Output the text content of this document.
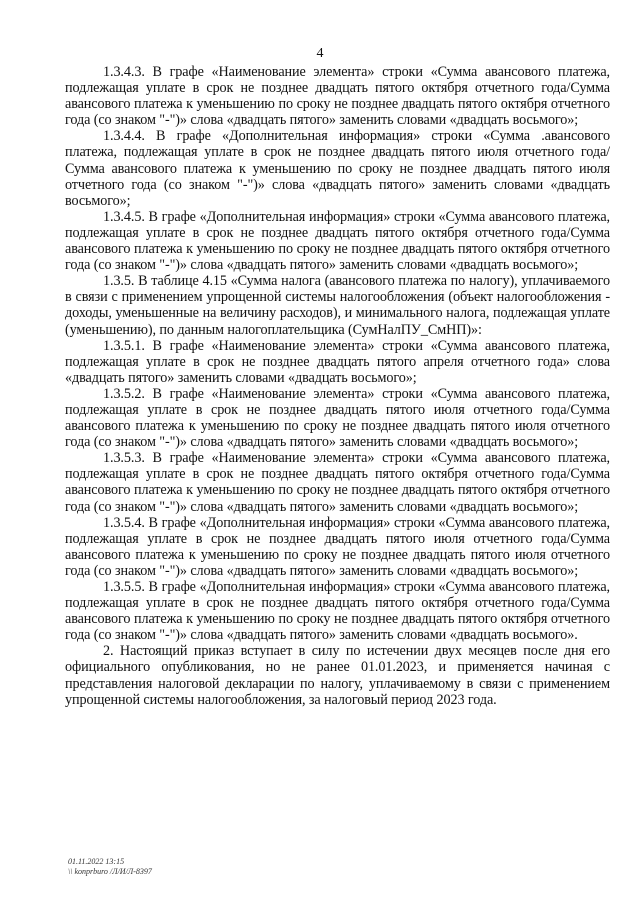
4

1.3.4.3. В графе «Наименование элемента» строки «Сумма авансового платежа, подлежащая уплате в срок не позднее двадцать пятого октября отчетного года/Сумма авансового платежа к уменьшению по сроку не позднее двадцать пятого октября отчетного года (со знаком "-")» слова «двадцать пятого» заменить словами «двадцать восьмого»;

1.3.4.4. В графе «Дополнительная информация» строки «Сумма .авансового платежа, подлежащая уплате в срок не позднее двадцать пятого июля отчетного года/Сумма авансового платежа к уменьшению по сроку не позднее двадцать пятого июля отчетного года (со знаком "-")» слова «двадцать пятого» заменить словами «двадцать восьмого»;

1.3.4.5. В графе «Дополнительная информация» строки «Сумма авансового платежа, подлежащая уплате в срок не позднее двадцать пятого октября отчетного года/Сумма авансового платежа к уменьшению по сроку не позднее двадцать пятого октября отчетного года (со знаком "-")» слова «двадцать пятого» заменить словами «двадцать восьмого»;

1.3.5. В таблице 4.15 «Сумма налога (авансового платежа по налогу), уплачиваемого в связи с применением упрощенной системы налогообложения (объект налогообложения - доходы, уменьшенные на величину расходов), и минимального налога, подлежащая уплате (уменьшению), по данным налогоплательщика (СумНалПУ_СмНП)»:

1.3.5.1. В графе «Наименование элемента» строки «Сумма авансового платежа, подлежащая уплате в срок не позднее двадцать пятого апреля отчетного года» слова «двадцать пятого» заменить словами «двадцать восьмого»;

1.3.5.2. В графе «Наименование элемента» строки «Сумма авансового платежа, подлежащая уплате в срок не позднее двадцать пятого июля отчетного года/Сумма авансового платежа к уменьшению по сроку не позднее двадцать пятого июля отчетного года (со знаком "-")» слова «двадцать пятого» заменить словами «двадцать восьмого»;

1.3.5.3. В графе «Наименование элемента» строки «Сумма авансового платежа, подлежащая уплате в срок не позднее двадцать пятого октября отчетного года/Сумма авансового платежа к уменьшению по сроку не позднее двадцать пятого октября отчетного года (со знаком "-")» слова «двадцать пятого» заменить словами «двадцать восьмого»;

1.3.5.4. В графе «Дополнительная информация» строки «Сумма авансового платежа, подлежащая уплате в срок не позднее двадцать пятого июля отчетного года/Сумма авансового платежа к уменьшению по сроку не позднее двадцать пятого июля отчетного года (со знаком "-")» слова «двадцать пятого» заменить словами «двадцать восьмого»;

1.3.5.5. В графе «Дополнительная информация» строки «Сумма авансового платежа, подлежащая уплате в срок не позднее двадцать пятого октября отчетного года/Сумма авансового платежа к уменьшению по сроку не позднее двадцать пятого октября отчетного года (со знаком "-")» слова «двадцать пятого» заменить словами «двадцать восьмого».

2. Настоящий приказ вступает в силу по истечении двух месяцев после дня его официального опубликования, но не ранее 01.01.2023, и применяется начиная с представления налоговой декларации по налогу, уплачиваемому в связи с применением упрощенной системы налогообложения, за налоговый период 2023 года.

01.11.2022 13:15
\\ konprburo /Л/И/Л-8397
